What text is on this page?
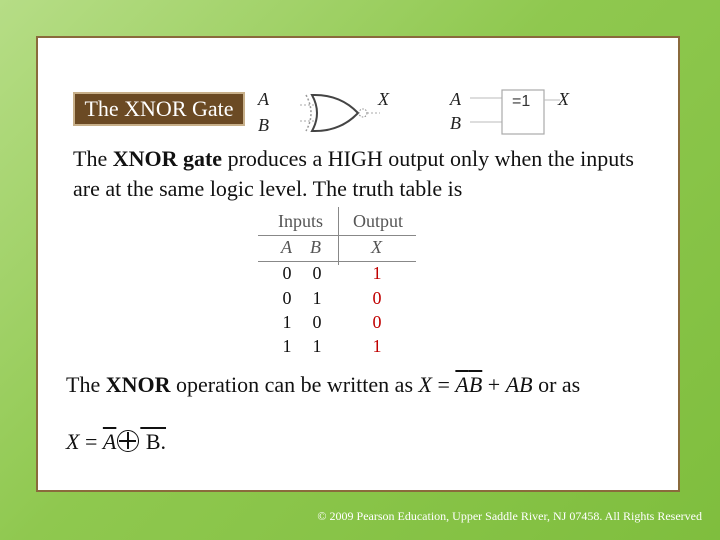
The XNOR Gate	A
B
X	A
B
=1 X
The XNOR gate produces a HIGH output only when the inputs are at the same logic level. The truth table is
Inputs Output
A B	X
0	0	1
0	1	0
1	0	0
1	1	1
The XNOR operation can be written as $X = \overline{A}\overline{B}$ + AB or as
X = A
B.
© 2009 Pearson Education, Upper Saddle River, NJ 07458. All Rights Reserved
